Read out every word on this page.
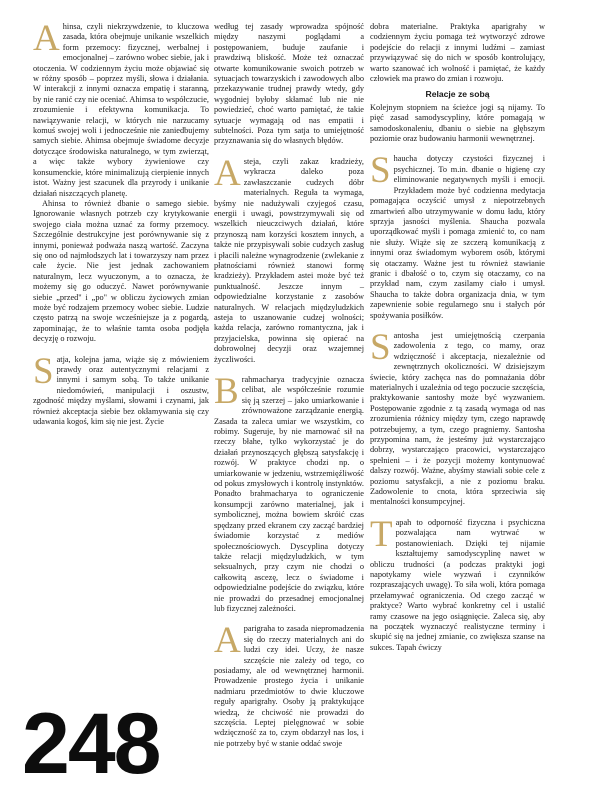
Ahinsa, czyli niekrzywdzenie, to kluczowa zasada, która obejmuje unikanie wszelkich form przemocy: fizycznej, werbalnej i emocjonalnej – zarówno wobec siebie, jak i otoczenia. W codziennym życiu może objawiać się w różny sposób – poprzez myśli, słowa i działania. W interakcji z innymi oznacza empatię i staranną, by nie ranić czy nie oceniać. Ahimsa to współczucie, zrozumienie i efektywna komunikacja. To nawiązywanie relacji, w których nie narzucamy komuś swojej woli i jednocześnie nie zaniedbujemy samych siebie. Ahimsa obejmuje świadome decyzje dotyczące środowiska naturalnego, w tym zwierząt, a więc także wybory żywieniowe czy konsumenckie, które minimalizują cierpienie innych istot. Ważny jest szacunek dla przyrody i unikanie działań niszczących planetę.

Ahinsa to również dbanie o samego siebie. Ignorowanie własnych potrzeb czy krytykowanie swojego ciała można uznać za formy przemocy. Szczególnie destrukcyjne jest porównywanie się z innymi, ponieważ podważa naszą wartość. Zaczyna się ono od najmłodszych lat i towarzyszy nam przez całe życie. Nie jest jednak zachowaniem naturalnym, lecz wyuczonym, a to oznacza, że możemy się go oduczyć. Nawet porównywanie siebie „przed" i „po" w obliczu życiowych zmian może być rodzajem przemocy wobec siebie. Ludzie często patrzą na swoje wcześniejsze ja z pogardą, zapominając, że to właśnie tamta osoba podjęła decyzję o rozwoju.

Satja, kolejna jama, wiąże się z mówieniem prawdy oraz autentycznymi relacjami z innymi i samym sobą. To także unikanie niedomówień, manipulacji i oszustw, zgodność między myślami, słowami i czynami, jak również akceptacja siebie bez okłamywania się czy udawania kogoś, kim się nie jest. Życie

według tej zasady wprowadza spójność między naszymi poglądami a postępowaniem, buduje zaufanie i prawdziwą bliskość. Może też oznaczać otwarte komunikowanie swoich potrzeb w sytuacjach towarzyskich i zawodowych albo przekazywanie trudnej prawdy wtedy, gdy wygodniej byłoby skłamać lub nie nie powiedzieć, choć warto pamiętać, że takie sytuacje wymagają od nas empatii i subtelności. Poza tym satja to umiejętność przyznawania się do własnych błędów.

Asteja, czyli zakaz kradzieży, wykracza daleko poza zawłaszczanie cudzych dóbr materialnych. Reguła ta wymaga, byśmy nie nadużywali czyjegoś czasu, energii i uwagi, powstrzymywali się od wszelkich nieuczciwych działań, które przynoszą nam korzyści kosztem innych, a także nie przypisywali sobie cudzych zasług i płacili należne wynagrodzenie (zwlekanie z płatnościami również stanowi formę kradzieży). Przykładem astei może być też punktualność. Jeszcze innym – odpowiedzialne korzystanie z zasobów naturalnych. W relacjach międzyludzkich asteja to uszanowanie cudzej wolności; każda relacja, zarówno romantyczna, jak i przyjacielska, powinna się opierać na dobrowolnej decyzji oraz wzajemnej życzliwości.

Brahmacharya tradycyjnie oznacza celibat, ale współcześnie rozumie się ją szerzej – jako umiarkowanie i zrównoważone zarządzanie energią. Zasada ta zaleca umiar we wszystkim, co robimy. Sugeruje, by nie marnować sił na rzeczy błahe, tylko wykorzystać je do działań przynoszących głębszą satysfakcję i rozwój. W praktyce chodzi np. o umiarkowanie w jedzeniu, wstrzemięźliwość od pokus zmysłowych i kontrolę instynktów. Ponadto brahmacharya to ograniczenie konsumpcji zarówno materialnej, jak i symbolicznej, można bowiem skróić czas spędzany przed ekranem czy zacząć bardziej świadomie korzystać z mediów społecznościowych. Dyscyplina dotyczy także relacji międzyludzkich, w tym seksualnych, przy czym nie chodzi o całkowitą ascezę, lecz o świadome i odpowiedzialne podejście do związku, które nie prowadzi do przesadnej emocjonalnej lub fizycznej zależności.

Aparigraha to zasada niepromadzenia się do rzeczy materialnych ani do ludzi czy idei. Uczy, że nasze szczęście nie zależy od tego, co posiadamy, ale od wewnętrznej harmonii. Prowadzenie prostego życia i unikanie nadmiaru przedmiotów to dwie kluczowe reguły aparigrahy. Osoby ją praktykujące wiedzą, że chciwość nie prowadzi do szczęścia. Leptej pielęgnować w sobie wdzięczność za to, czym obdarzył nas los, i nie potrzeby być w stanie oddać swoje

dobra materialne. Praktyka aparigrahy w codziennym życiu pomaga też wytworzyć zdrowe podejście do relacji z innymi ludźmi – zamiast przywiązywać się do nich w sposób kontrolujący, warto szanować ich wolność i pamiętać, że każdy człowiek ma prawo do zmian i rozwoju.

Relacje ze sobą

Kolejnym stopniem na ścieżce jogi są nijamy. To pięć zasad samodyscypliny, które pomagają w samodoskonaleniu, dbaniu o siebie na głębszym poziomie oraz budowaniu harmonii wewnętrznej.

Shaucha dotyczy czystości fizycznej i psychicznej. To m.in. dbanie o higienę czy eliminowanie negatywnych myśli i emocji. Przykładem może być codzienna medytacja pomagająca oczyścić umysł z niepotrzebnych zmartwień albo utrzymywanie w domu ładu, który sprzyja jasności myślenia. Shaucha pozwala uporządkować myśli i pomaga zmienić to, co nam nie służy. Wiąże się ze szczerą komunikacją z innymi oraz świadomym wyborem osób, którymi się otaczamy. Ważne jest tu również stawianie granic i dbałość o to, czym się otaczamy, co na przykład nam, czym zasilamy ciało i umysł. Shaucha to także dobra organizacja dnia, w tym zapewnienie sobie regularnego snu i stałych pór spożywania posiłków.

Santosha jest umiejętnością czerpania zadowolenia z tego, co mamy, oraz wdzięczność i akceptacja, niezależnie od zewnętrznych okoliczności. W dzisiejszym świecie, który zachęca nas do pomnażania dóbr materialnych i uzależnia od tego poczucie szczęścia, praktykowanie santoshy może być wyzwaniem. Postępowanie zgodnie z tą zasadą wymaga od nas zrozumienia różnicy między tym, czego naprawdę potrzebujemy, a tym, czego pragniemy. Santosha przypomina nam, że jesteśmy już wystarczająco dobrzy, wystarczająco pracowici, wystarczająco spełnieni – i że pozycji możemy kontynuować dalszy rozwój. Ważne, abyśmy stawiali sobie cele z poziomu satysfakcji, a nie z poziomu braku. Zadowolenie to cnota, która sprzeciwia się mentalności konsumpcyjnej.

Tapah to odporność fizyczna i psychiczna pozwalająca nam wytrwać w postanowieniach. Dzięki tej nijamie kształtujemy samodyscyplinę nawet w obliczu trudności (a podczas praktyki jogi napotykamy wiele wyzwań i czynników rozpraszających uwagę). To siła woli, która pomaga przełamywać ograniczenia. Od czego zacząć w praktyce? Warto wybrać konkretny cel i ustalić ramy czasowe na jego osiągnięcie. Zaleca się, aby na początek wyznaczyć realistyczne terminy i skupić się na jednej zmianie, co zwiększa szanse na sukces. Tapah ćwiczy

248
